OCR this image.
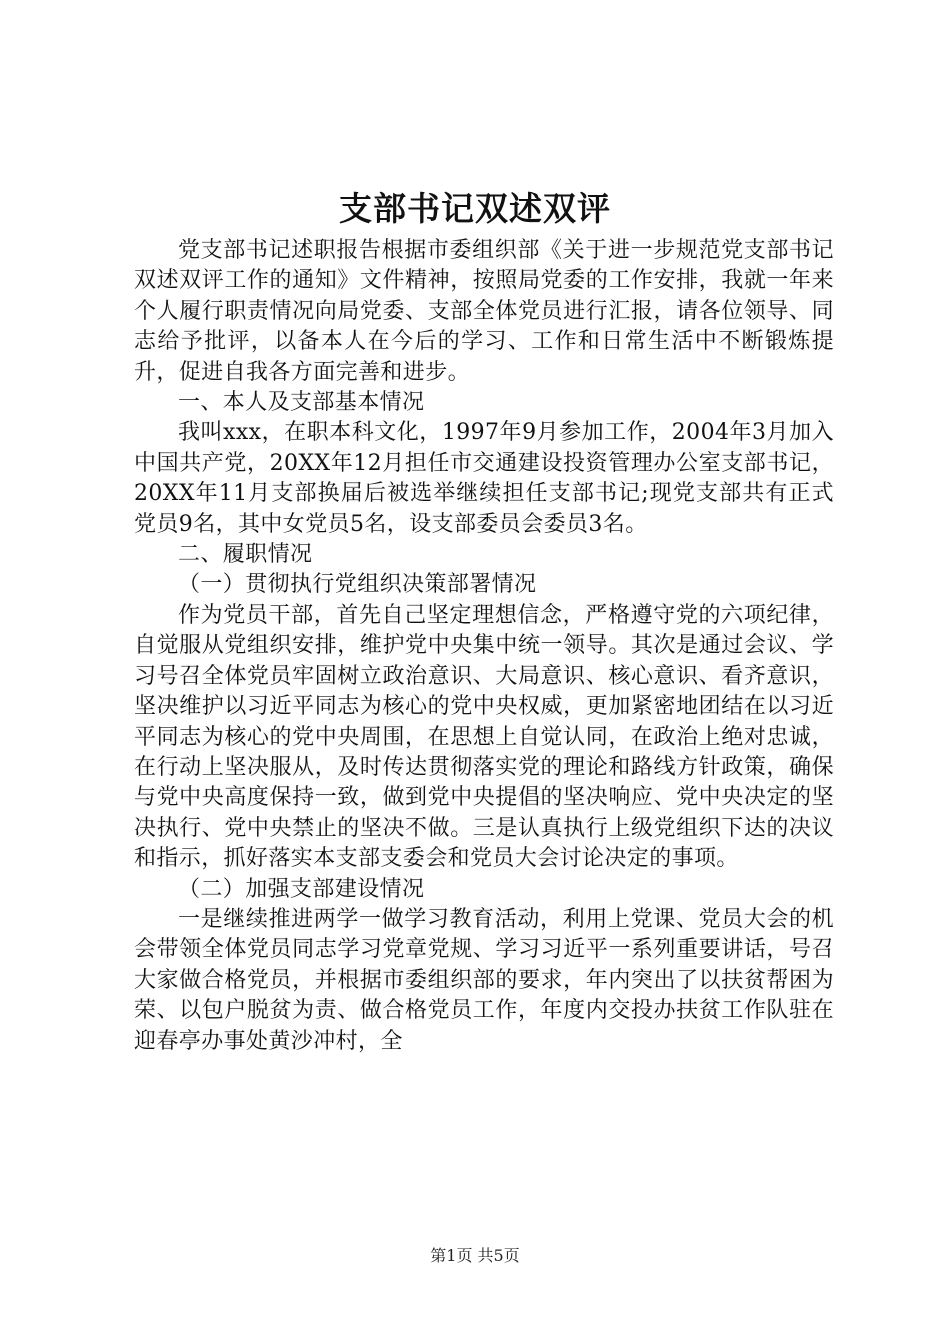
支部书记双述双评

党支部书记述职报告根据市委组织部《关于进一步规范党支部书记双述双评工作的通知》文件精神，按照局党委的工作安排，我就一年来个人履行职责情况向局党委、支部全体党员进行汇报，请各位领导、同志给予批评，以备本人在今后的学习、工作和日常生活中不断锻炼提升，促进自我各方面完善和进步。

一、本人及支部基本情况

我叫xxx，在职本科文化，1997年9月参加工作，2004年3月加入中国共产党，20XX年12月担任市交通建设投资管理办公室支部书记，20XX年11月支部换届后被选举继续担任支部书记;现党支部共有正式党员9名，其中女党员5名，设支部委员会委员3名。

二、履职情况

（一）贯彻执行党组织决策部署情况

作为党员干部，首先自己坚定理想信念，严格遵守党的六项纪律，自觉服从党组织安排，维护党中央集中统一领导。其次是通过会议、学习号召全体党员牢固树立政治意识、大局意识、核心意识、看齐意识，坚决维护以习近平同志为核心的党中央权威，更加紧密地团结在以习近平同志为核心的党中央周围，在思想上自觉认同，在政治上绝对忠诚，在行动上坚决服从，及时传达贯彻落实党的理论和路线方针政策，确保与党中央高度保持一致，做到党中央提倡的坚决响应、党中央决定的坚决执行、党中央禁止的坚决不做。三是认真执行上级党组织下达的决议和指示，抓好落实本支部支委会和党员大会讨论决定的事项。

（二）加强支部建设情况

一是继续推进两学一做学习教育活动，利用上党课、党员大会的机会带领全体党员同志学习党章党规、学习习近平一系列重要讲话，号召大家做合格党员，并根据市委组织部的要求，年内突出了以扶贫帮困为荣、以包户脱贫为责、做合格党员工作，年度内交投办扶贫工作队驻在迎春亭办事处黄沙冲村，全

第1页 共5页
